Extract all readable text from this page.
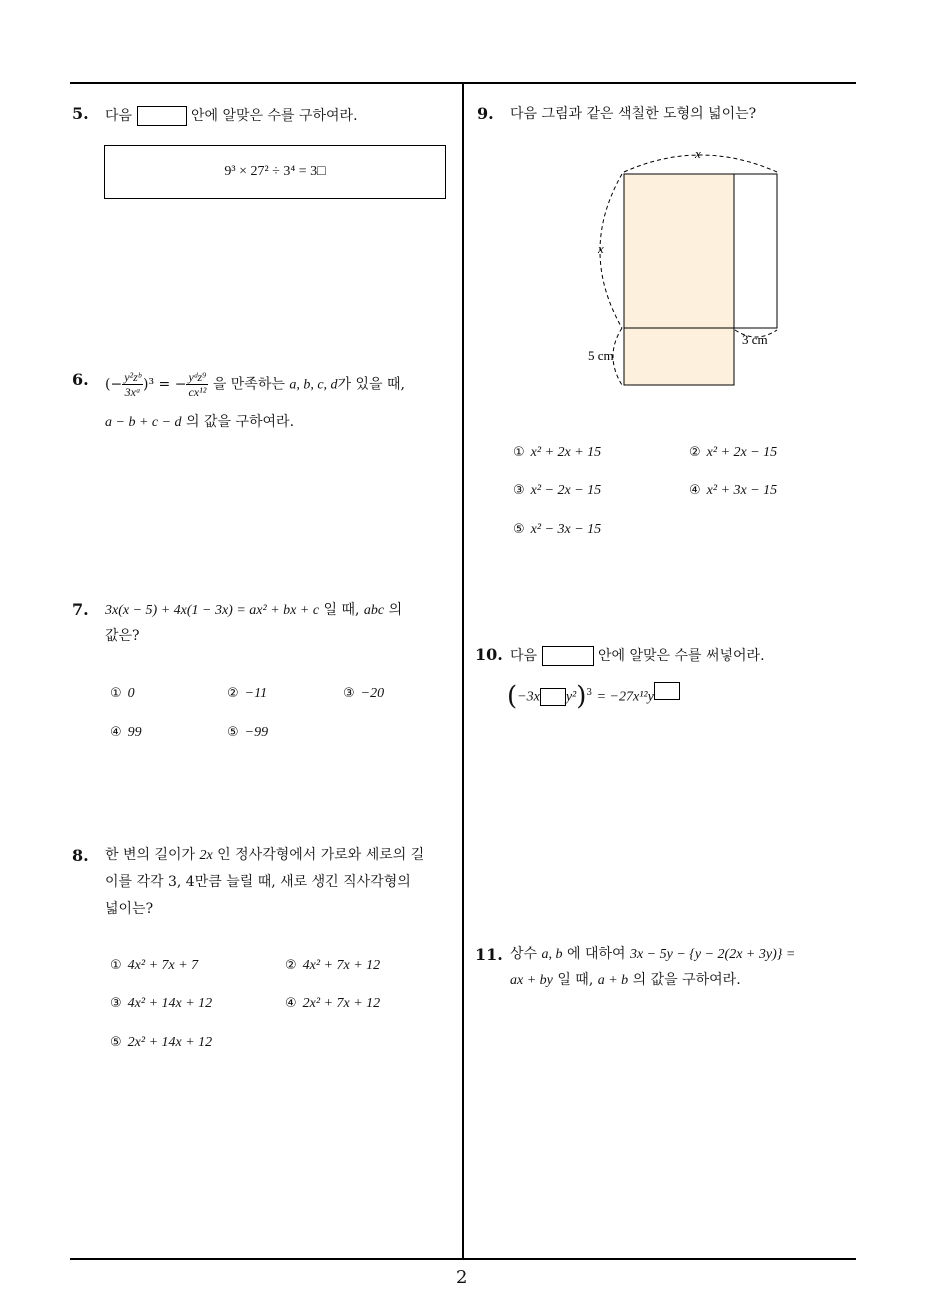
5. 다음	안에 알맞은 수를 구하여라.
9³ × 27² ÷ 3⁴ = 3□
6. (− $\frac{\text{y²zᵇ}}{\text{3xᵃ}} )^3$ = − $\frac{\text{yᵈz⁹}}{\text{cx¹²}}$ 을 만족하는 a, b, c, d가 있을 때,
a − b + c − d 의 값을 구하여라.
7. 3x(x − 5) + 4x(1 − 3x) = ax² + bx + c 일 때, abc 의
값은?
① 0	② −11	③ −20
④ 99	⑤ −99
8. 한 변의 길이가 2x 인 정사각형에서 가로와 세로의 길
이를 각각 3, 4만큼 늘릴 때, 새로 생긴 직사각형의
넓이는?
① 4x² + 7x + 7	② 4x² + 7x + 12
③ 4x² + 14x + 12	④ 2x² + 7x + 12
⑤ 2x² + 14x + 12
9. 다음 그림과 같은 색칠한 도형의 넓이는?
x
x
3 cm
5 cm
① x² + 2x + 15	② x² + 2x − 15
③ x² − 2x − 15	④ x² + 3x − 15
⑤ x² − 3x − 15
10. 다음	안에 알맞은 수를 써넣어라.
(−3x y²)$^3$ = −27x¹²y
11. 상수 a, b 에 대하여 3x − 5y − {y − 2(2x + 3y)} =
ax + by 일 때, a + b 의 값을 구하여라.
2
